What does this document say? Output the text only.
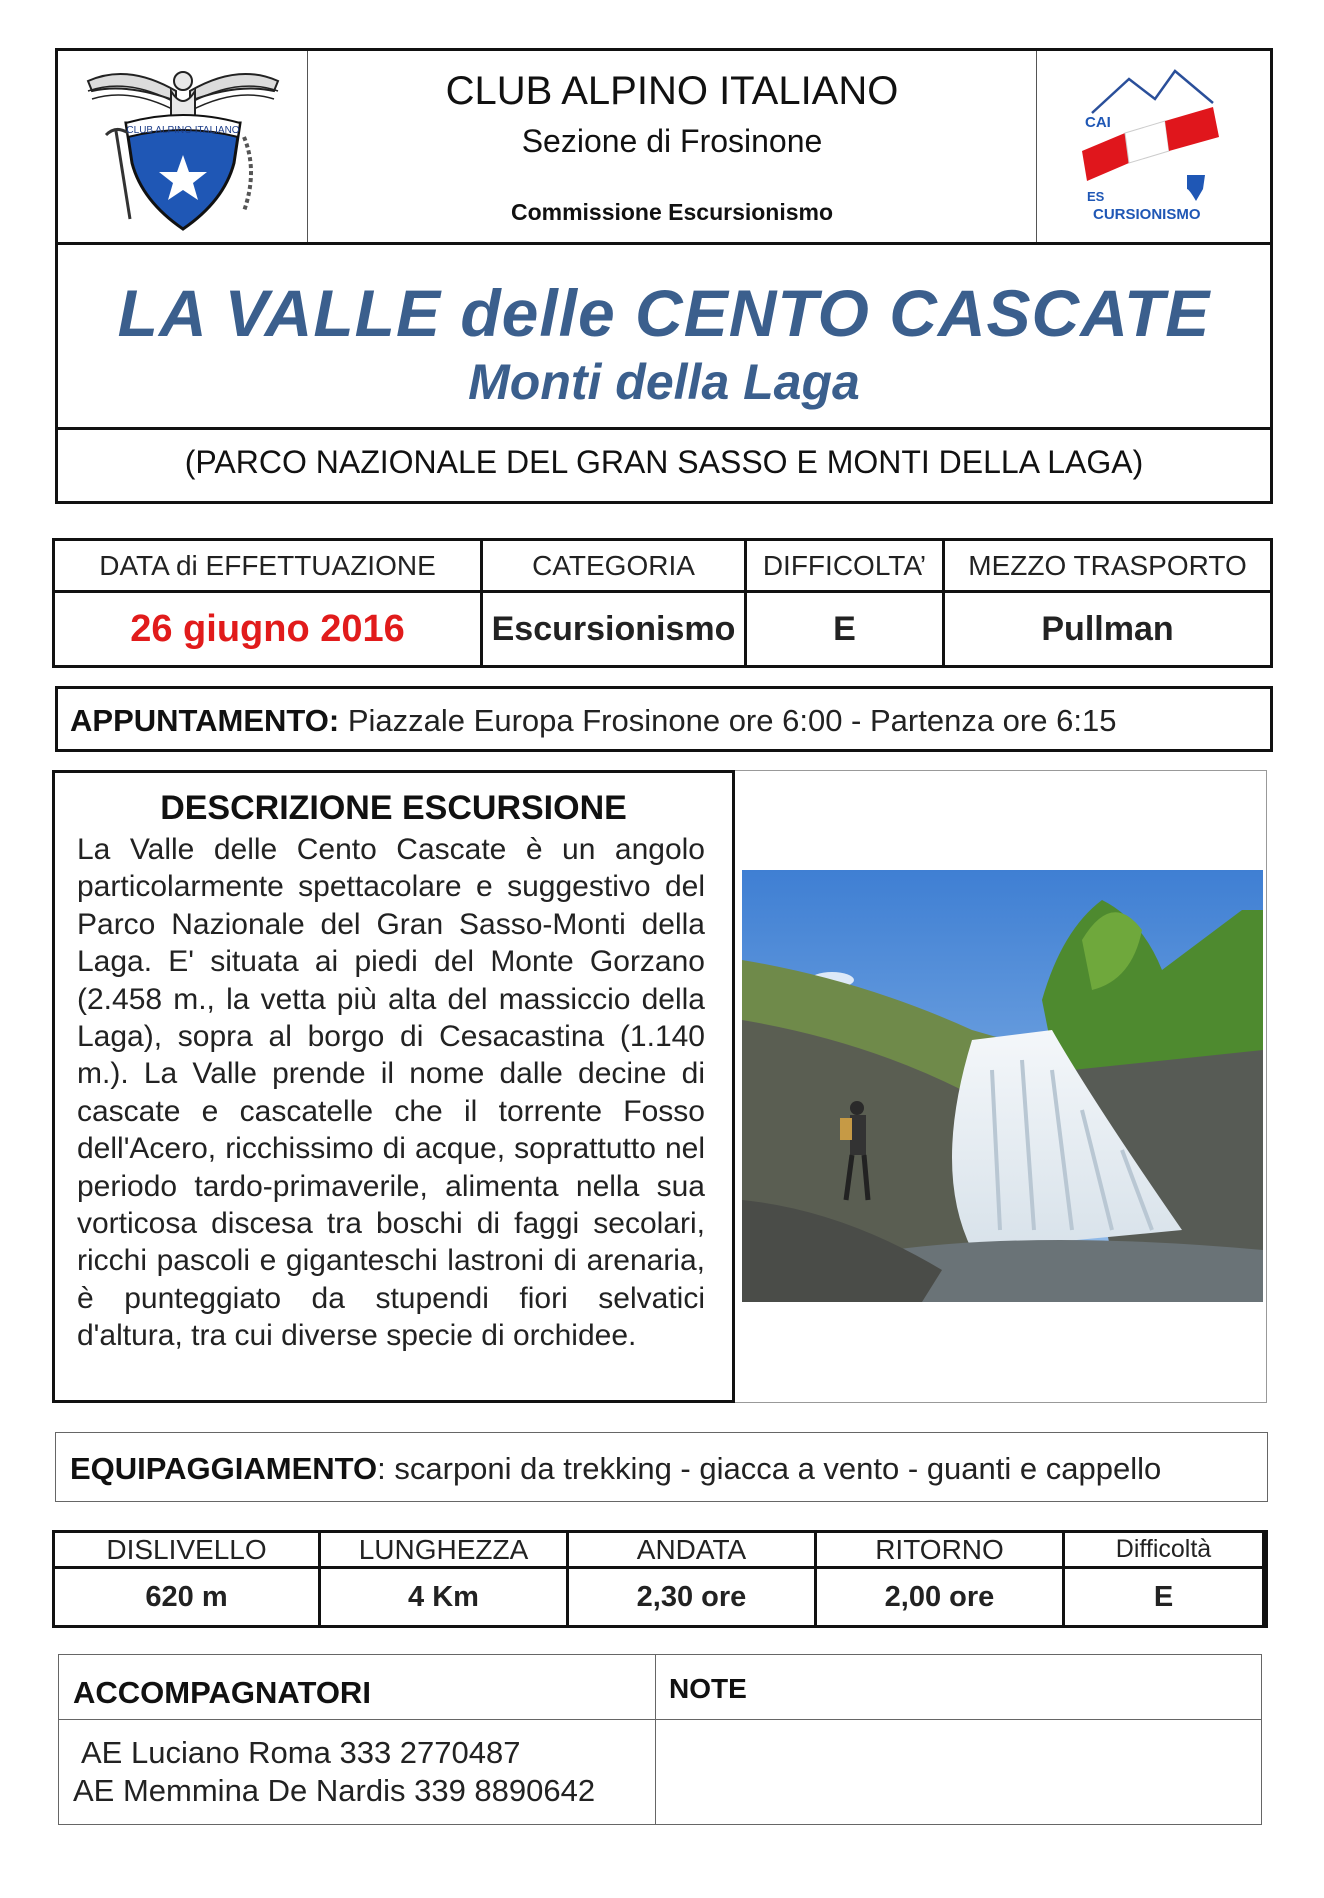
CLUB ALPINO ITALIANO
CLUB ALPINO ITALIANO
Sezione di Frosinone
Commissione Escursionismo
CAI
ES
CURSIONISMO
LA VALLE delle CENTO CASCATE
Monti della Laga
(PARCO NAZIONALE DEL GRAN SASSO E MONTI DELLA LAGA)
DATA di EFFETTUAZIONE	CATEGORIA	DIFFICOLTA’	MEZZO TRASPORTO
26 giugno 2016	Escursionismo	E	Pullman
APPUNTAMENTO: Piazzale Europa Frosinone ore 6:00 - Partenza ore 6:15
DESCRIZIONE ESCURSIONE
La Valle delle Cento Cascate è un angolo particolarmente spettacolare e suggestivo del Parco Nazionale del Gran Sasso-Monti della Laga. E' situata ai piedi del Monte Gorzano (2.458 m., la vetta più alta del massiccio della Laga), sopra al borgo di Cesacastina (1.140 m.). La Valle prende il nome dalle decine di cascate e cascatelle che il torrente Fosso dell'Acero, ricchissimo di acque, soprattutto nel periodo tardo-primaverile, alimenta nella sua vorticosa discesa tra boschi di faggi secolari, ricchi pascoli e giganteschi lastroni di arenaria, è punteggiato da stupendi fiori selvatici d'altura, tra cui diverse specie di orchidee.
EQUIPAGGIAMENTO: scarponi da trekking - giacca a vento - guanti e cappello
DISLIVELLO	LUNGHEZZA	ANDATA	RITORNO	Difficoltà
620 m	4 Km	2,30 ore	2,00 ore	E
ACCOMPAGNATORI	NOTE
AE Luciano Roma 333 2770487
AE Memmina De Nardis 339 8890642
